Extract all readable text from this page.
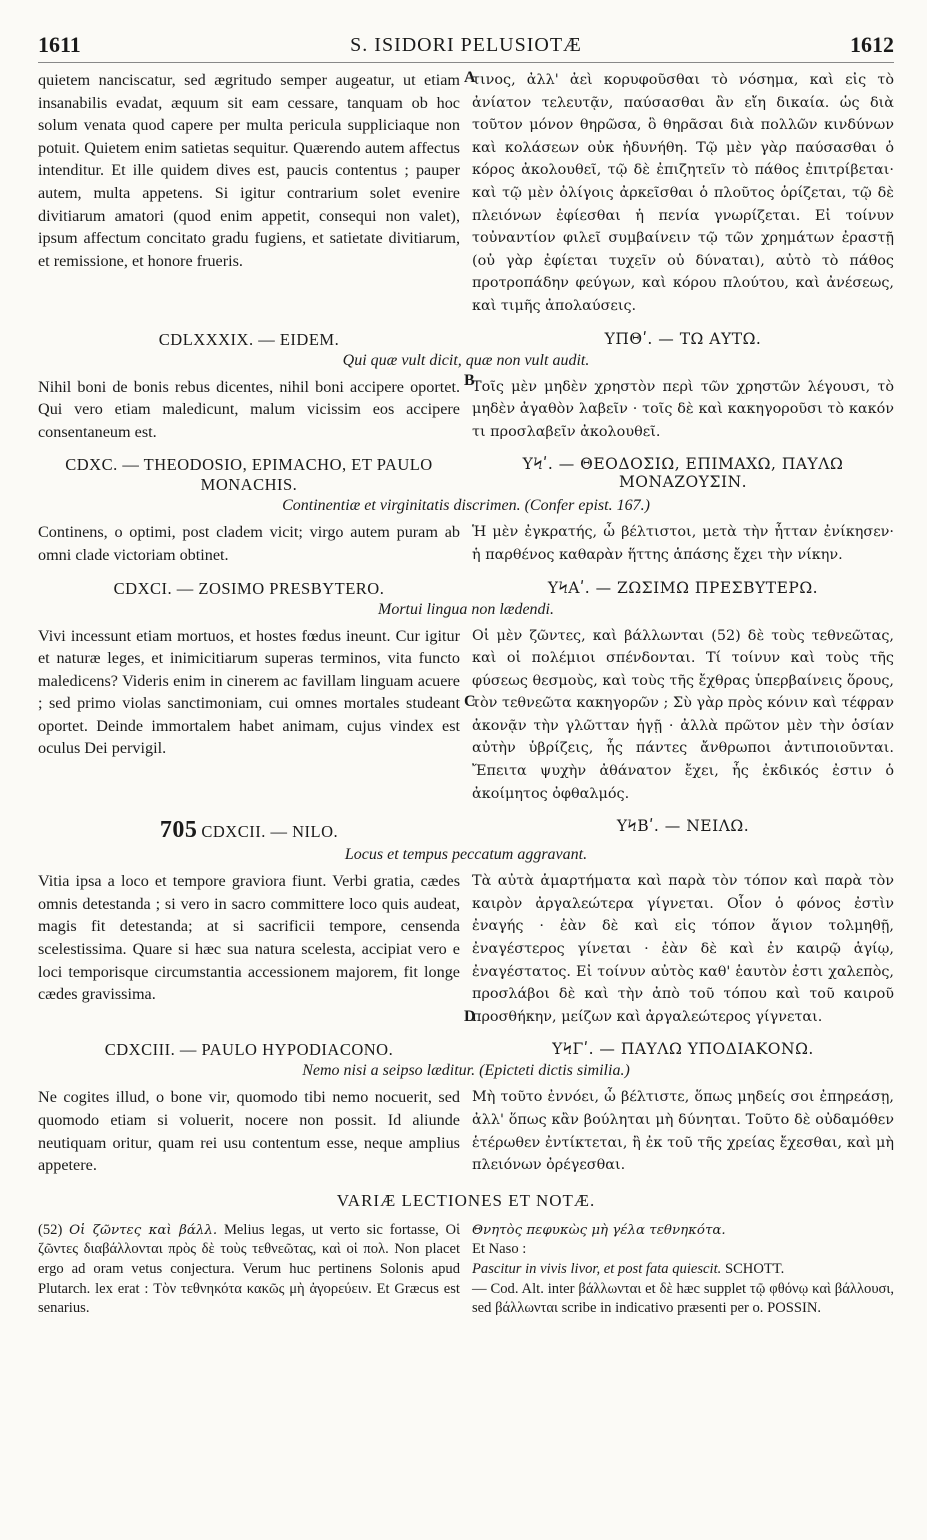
1611	S. ISIDORI PELUSIOTÆ	1612
quietem nanciscatur, sed ægritudo semper augeatur, ut etiam insanabilis evadat, æquum sit eam cessare, tanquam ob hoc solum venata quod capere per multa pericula suppliciaque non potuit. Quietem enim satietas sequitur. Quærendo autem affectus intenditur. Et ille quidem dives est, paucis contentus ; pauper autem, multa appetens. Si igitur contrarium solet evenire divitiarum amatori (quod enim appetit, consequi non valet), ipsum affectum concitato gradu fugiens, et satietate divitiarum, et remissione, et honore frueris.
A
τινος, ἀλλ' ἀεὶ κορυφοῦσθαι τὸ νόσημα, καὶ εἰς τὸ ἀνίατον τελευτᾷν, παύσασθαι ἂν εἴη δικαία. ὡς διὰ τοῦτον μόνον θηρῶσα, ὃ θηρᾶσαι διὰ πολλῶν κινδύνων καὶ κολάσεων οὐκ ἠδυνήθη. Τῷ μὲν γὰρ παύσασθαι ὁ κόρος ἀκολουθεῖ, τῷ δὲ ἐπιζητεῖν τὸ πάθος ἐπιτρίβεται· καὶ τῷ μὲν ὀλίγοις ἀρκεῖσθαι ὁ πλοῦτος ὁρίζεται, τῷ δὲ πλειόνων ἐφίεσθαι ἡ πενία γνωρίζεται. Εἰ τοίνυν τοὐναντίον φιλεῖ συμβαίνειν τῷ τῶν χρημάτων ἐραστῇ (οὐ γὰρ ἐφίεται τυχεῖν οὐ δύναται), αὐτὸ τὸ πάθος προτροπάδην φεύγων, καὶ κόρου πλούτου, καὶ ἀνέσεως, καὶ τιμῆς ἀπολαύσεις.
CDLXXXIX. — EIDEM.	ΥΠΘʹ. — ΤΩ ΑΥΤΩ.
Qui quæ vult dicit, quæ non vult audit.
Nihil boni de bonis rebus dicentes, nihil boni accipere oportet. Qui vero etiam maledicunt, malum vicissim eos accipere consentaneum est.
B
Τοῖς μὲν μηδὲν χρηστὸν περὶ τῶν χρηστῶν λέγουσι, τὸ μηδὲν ἀγαθὸν λαβεῖν · τοῖς δὲ καὶ κακηγοροῦσι τὸ κακόν τι προσλαβεῖν ἀκολουθεῖ.
CDXC. — THEODOSIO, EPIMACHO, ET PAULO MONACHIS.
ΥϞʹ. — ΘΕΟΔΟΣΙΩ, ΕΠΙΜΑΧΩ, ΠΑΥΛΩ ΜΟΝΑΖΟΥΣΙΝ.
Continentiæ et virginitatis discrimen. (Confer epist. 167.)
Continens, o optimi, post cladem vicit; virgo autem puram ab omni clade victoriam obtinet.
Ἡ μὲν ἐγκρατής, ὦ βέλτιστοι, μετὰ τὴν ἧτταν ἐνίκησεν· ἡ παρθένος καθαρὰν ἥττης ἁπάσης ἔχει τὴν νίκην.
CDXCI. — ZOSIMO PRESBYTERO.	ΥϞΑʹ. — ΖΩΣΙΜΩ ΠΡΕΣΒΥΤΕΡΩ.
Mortui lingua non lædendi.
Vivi incessunt etiam mortuos, et hostes fœdus ineunt. Cur igitur et naturæ leges, et inimicitiarum superas terminos, vita functo maledicens? Videris enim in cinerem ac favillam linguam acuere ; sed primo violas sanctimoniam, cui omnes mortales studeant oportet. Deinde immortalem habet animam, cujus vindex est oculus Dei pervigil.
C
Οἱ μὲν ζῶντες, καὶ βάλλωνται (52) δὲ τοὺς τεθνεῶτας, καὶ οἱ πολέμιοι σπένδονται. Τί τοίνυν καὶ τοὺς τῆς φύσεως θεσμοὺς, καὶ τοὺς τῆς ἔχθρας ὑπερβαίνεις ὅρους, τὸν τεθνεῶτα κακηγορῶν ; Σὺ γὰρ πρὸς κόνιν καὶ τέφραν ἀκονᾷν τὴν γλῶτταν ἡγῇ · ἀλλὰ πρῶτον μὲν τὴν ὁσίαν αὐτὴν ὑβρίζεις, ἧς πάντες ἄνθρωποι ἀντιποιοῦνται. Ἔπειτα ψυχὴν ἀθάνατον ἔχει, ἧς ἐκδικός ἐστιν ὁ ἀκοίμητος ὀφθαλμός.
705 CDXCII. — NILO.	ΥϞΒʹ. — ΝΕΙΛΩ.
Locus et tempus peccatum aggravant.
Vitia ipsa a loco et tempore graviora fiunt. Verbi gratia, cædes omnis detestanda ; si vero in sacro committere loco quis audeat, magis fit detestanda; at si sacrificii tempore, censenda scelestissima. Quare si hæc sua natura scelesta, accipiat vero e loci temporisque circumstantia accessionem majorem, fit longe cædes gravissima.
D
Τὰ αὐτὰ ἁμαρτήματα καὶ παρὰ τὸν τόπον καὶ παρὰ τὸν καιρὸν ἀργαλεώτερα γίγνεται. Οἷον ὁ φόνος ἐστὶν ἐναγής · ἐὰν δὲ καὶ εἰς τόπον ἅγιον τολμηθῇ, ἐναγέστερος γίνεται · ἐὰν δὲ καὶ ἐν καιρῷ ἁγίῳ, ἐναγέστατος. Εἰ τοίνυν αὐτὸς καθ' ἑαυτὸν ἐστι χαλεπὸς, προσλάβοι δὲ καὶ τὴν ἀπὸ τοῦ τόπου καὶ τοῦ καιροῦ προσθήκην, μείζων καὶ ἀργαλεώτερος γίγνεται.
CDXCIII. — PAULO HYPODIACONO.	ΥϞΓʹ. — ΠΑΥΛΩ ΥΠΟΔΙΑΚΟΝΩ.
Nemo nisi a seipso læditur. (Epicteti dictis similia.)
Ne cogites illud, o bone vir, quomodo tibi nemo nocuerit, sed quomodo etiam si voluerit, nocere non possit. Id aliunde neutiquam oritur, quam rei usu contentum esse, neque amplius appetere.
Μὴ τοῦτο ἐννόει, ὦ βέλτιστε, ὅπως μηδείς σοι ἐπηρεάσῃ, ἀλλ' ὅπως κἂν βούληται μὴ δύνηται. Τοῦτο δὲ οὐδαμόθεν ἑτέρωθεν ἐντίκτεται, ἢ ἐκ τοῦ τῆς χρείας ἔχεσθαι, καὶ μὴ πλειόνων ὀρέγεσθαι.
VARIÆ LECTIONES ET NOTÆ.
(52) Οἱ ζῶντες καὶ βάλλ. Melius legas, ut verto sic fortasse, Οἱ ζῶντες διαβάλλονται πρὸς δὲ τοὺς τεθνεῶτας, καὶ οἱ πολ. Non placet ergo ad oram vetus conjectura. Verum huc pertinens Solonis apud Plutarch. lex erat : Τὸν τεθνηκότα κακῶς μὴ ἀγορεύειν. Et Græcus est senarius.
Θνητὸς πεφυκὼς μὴ γέλα τεθνηκότα.
Et Naso :
Pascitur in vivis livor, et post fata quiescit. SCHOTT.
— Cod. Alt. inter βάλλωνται et δὲ hæc supplet τῷ φθόνῳ καὶ βάλλουσι, sed βάλλωνται scribe in indicativo præsenti per ο. POSSIN.
